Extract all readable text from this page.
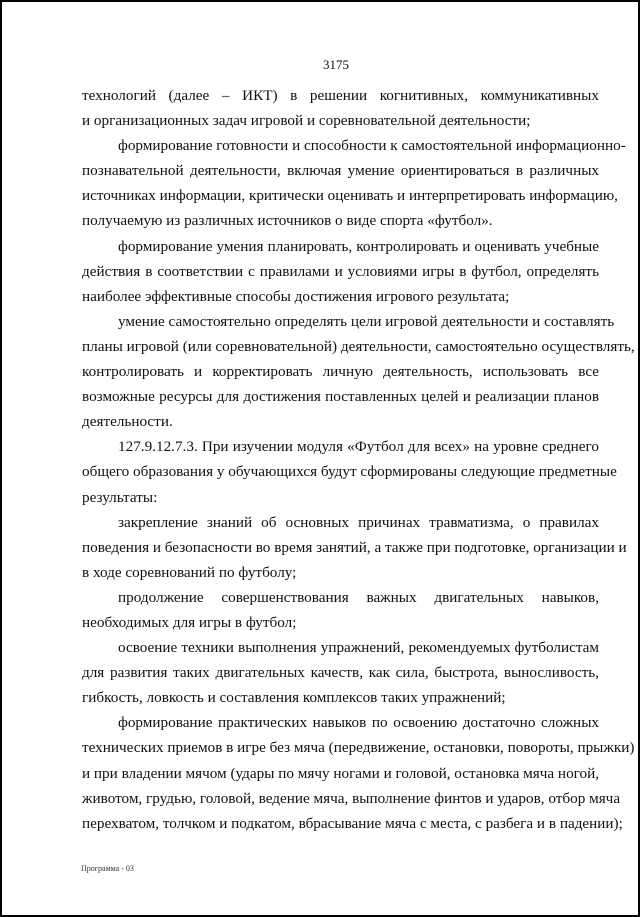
3175
технологий (далее – ИКТ) в решении когнитивных, коммуникативных
и организационных задач игровой и соревновательной деятельности;
формирование готовности и способности к самостоятельной информационно-
познавательной деятельности, включая умение ориентироваться в различных
источниках информации, критически оценивать и интерпретировать информацию,
получаемую из различных источников о виде спорта «футбол».
формирование умения планировать, контролировать и оценивать учебные
действия в соответствии с правилами и условиями игры в футбол, определять
наиболее эффективные способы достижения игрового результата;
умение самостоятельно определять цели игровой деятельности и составлять
планы игровой (или соревновательной) деятельности, самостоятельно осуществлять,
контролировать и корректировать личную деятельность, использовать все
возможные ресурсы для достижения поставленных целей и реализации планов
деятельности.
127.9.12.7.3. При изучении модуля «Футбол для всех» на уровне среднего
общего образования у обучающихся будут сформированы следующие предметные
результаты:
закрепление знаний об основных причинах травматизма, о правилах
поведения и безопасности во время занятий, а также при подготовке, организации и
в ходе соревнований по футболу;
продолжение совершенствования важных двигательных навыков,
необходимых для игры в футбол;
освоение техники выполнения упражнений, рекомендуемых футболистам
для развития таких двигательных качеств, как сила, быстрота, выносливость,
гибкость, ловкость и составления комплексов таких упражнений;
формирование практических навыков по освоению достаточно сложных
технических приемов в игре без мяча (передвижение, остановки, повороты, прыжки)
и при владении мячом (удары по мячу ногами и головой, остановка мяча ногой,
животом, грудью, головой, ведение мяча, выполнение финтов и ударов, отбор мяча
перехватом, толчком и подкатом, вбрасывание мяча с места, с разбега и в падении);
Программа - 03
